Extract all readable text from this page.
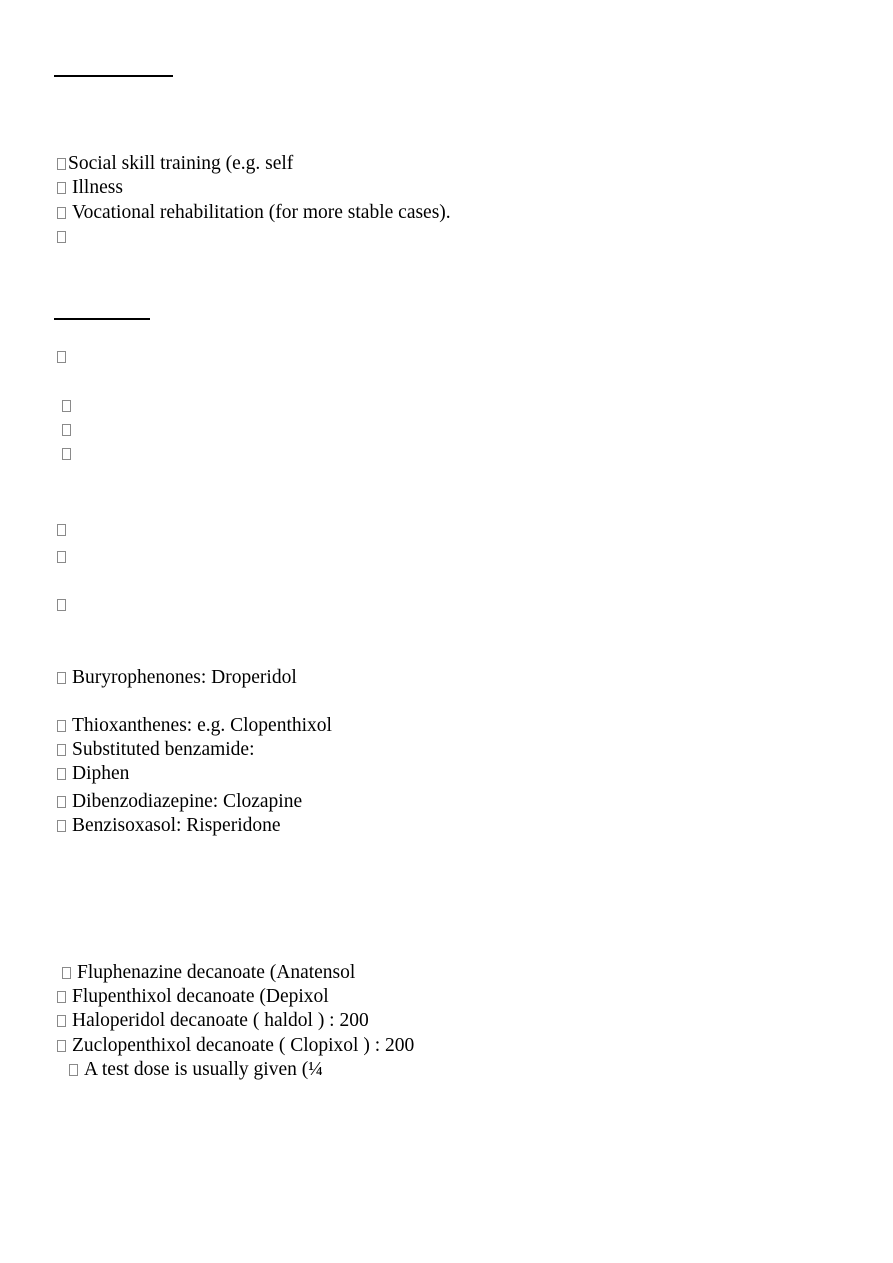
Social skill training (e.g. self
Illness
Vocational rehabilitation (for more stable cases).
Buryrophenones: Droperidol
Thioxanthenes: e.g. Clopenthixol
Substituted benzamide:
Diphen
Dibenzodiazepine: Clozapine
Benzisoxasol: Risperidone
Fluphenazine decanoate (Anatensol
Flupenthixol decanoate (Depixol
Haloperidol decanoate ( haldol ) : 200
Zuclopenthixol decanoate ( Clopixol ) : 200
A test dose is usually given (¼
